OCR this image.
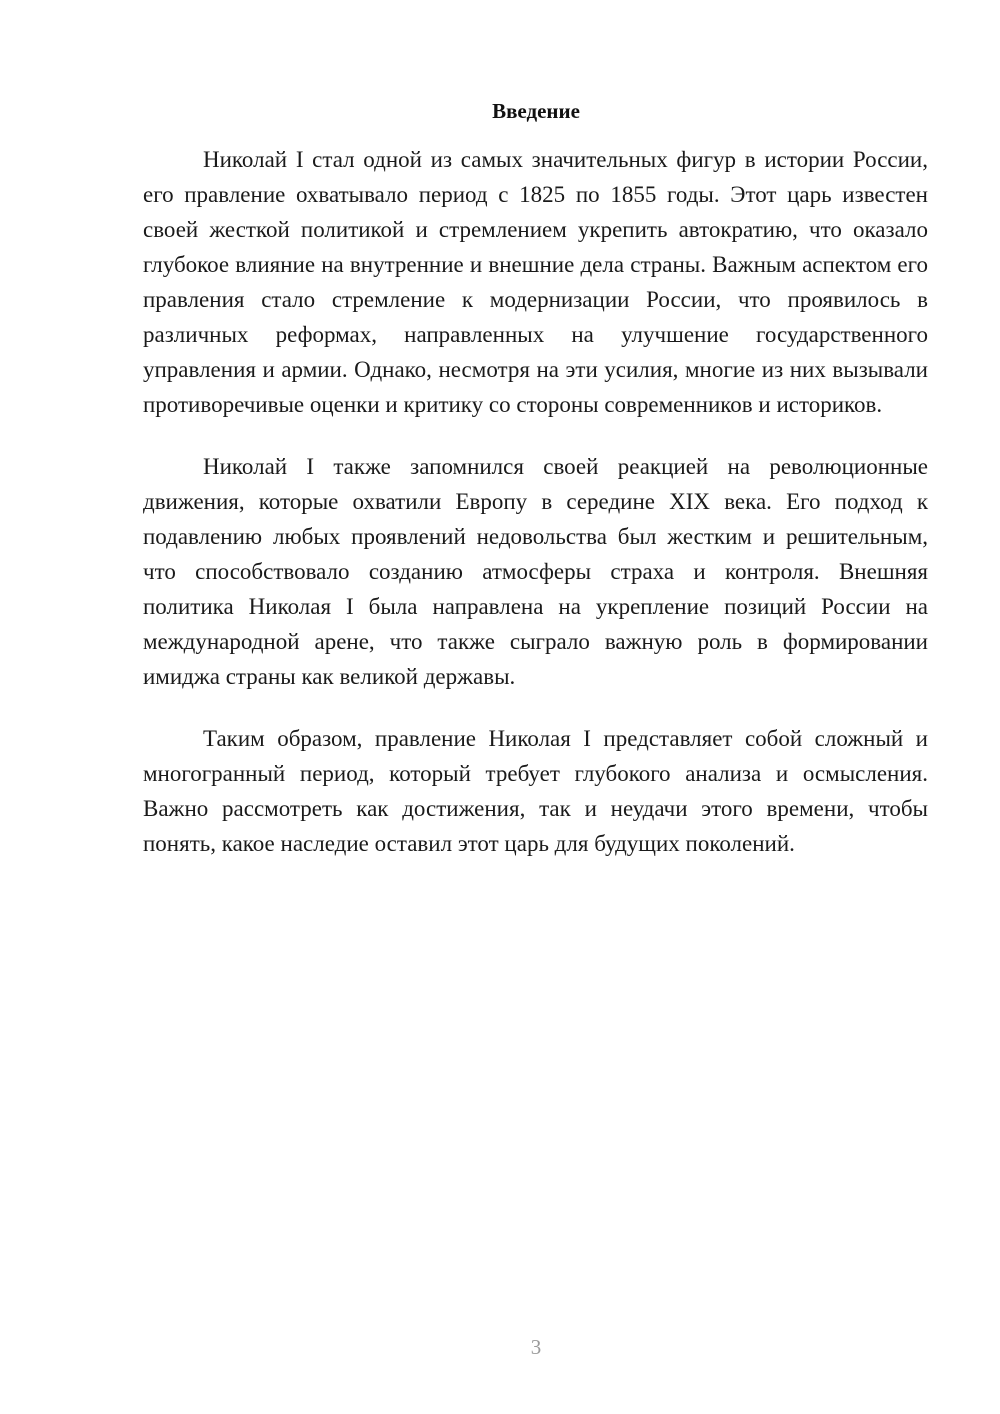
Введение

Николай I стал одной из самых значительных фигур в истории России, его правление охватывало период с 1825 по 1855 годы. Этот царь известен своей жесткой политикой и стремлением укрепить автократию, что оказало глубокое влияние на внутренние и внешние дела страны. Важным аспектом его правления стало стремление к модернизации России, что проявилось в различных реформах, направленных на улучшение государственного управления и армии. Однако, несмотря на эти усилия, многие из них вызывали противоречивые оценки и критику со стороны современников и историков.

Николай I также запомнился своей реакцией на революционные движения, которые охватили Европу в середине XIX века. Его подход к подавлению любых проявлений недовольства был жестким и решительным, что способствовало созданию атмосферы страха и контроля. Внешняя политика Николая I была направлена на укрепление позиций России на международной арене, что также сыграло важную роль в формировании имиджа страны как великой державы.

Таким образом, правление Николая I представляет собой сложный и многогранный период, который требует глубокого анализа и осмысления. Важно рассмотреть как достижения, так и неудачи этого времени, чтобы понять, какое наследие оставил этот царь для будущих поколений.

3
